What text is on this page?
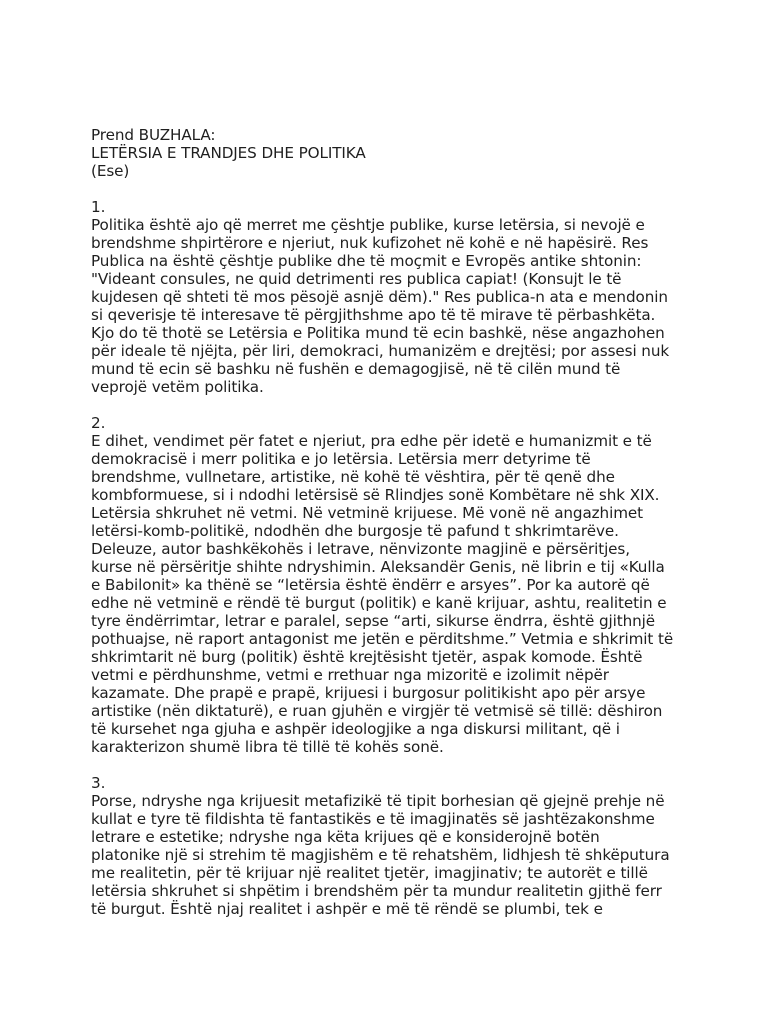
Prend BUZHALA:
LETËRSIA E TRANDJES DHE POLITIKA
(Ese)
1.
Politika është ajo që merret me çështje publike, kurse letërsia, si nevojë e
brendshme shpirtërore e njeriut, nuk kufizohet në kohë e në hapësirë. Res
Publica na është çështje publike dhe të moçmit e Evropës antike shtonin:
"Videant consules, ne quid detrimenti res publica capiat! (Konsujt le të
kujdesen që shteti të mos pësojë asnjë dëm)." Res publica-n ata e mendonin
si qeverisje të interesave të përgjithshme apo të të mirave të përbashkëta.
Kjo do të thotë se Letërsia e Politika mund të ecin bashkë, nëse angazhohen
për ideale të njëjta, për liri, demokraci, humanizëm e drejtësi; por assesi nuk
mund të ecin së bashku në fushën e demagogjisë, në të cilën mund të
veprojë vetëm politika.
2.
E dihet, vendimet për fatet e njeriut, pra edhe për idetë e humanizmit e të
demokracisë i merr politika e jo letërsia. Letërsia merr detyrime të
brendshme, vullnetare, artistike, në kohë të vështira, për të qenë dhe
kombformuese, si i ndodhi letërsisë së Rlindjes sonë Kombëtare në shk XIX.
Letërsia shkruhet në vetmi. Në vetminë krijuese. Më vonë në angazhimet
letërsi-komb-politikë, ndodhën dhe burgosje të pafund t shkrimtarëve.
Deleuze, autor bashkëkohës i letrave, nënvizonte magjinë e përsëritjes,
kurse në përsëritje shihte ndryshimin. Aleksandër Genis, në librin e tij «Kulla
e Babilonit» ka thënë se “letërsia është ëndërr e arsyes”. Por ka autorë që
edhe në vetminë e rëndë të burgut (politik) e kanë krijuar, ashtu, realitetin e
tyre ëndërrimtar, letrar e paralel, sepse “arti, sikurse ëndrra, është gjithnjë
pothuajse, në raport antagonist me jetën e përditshme.” Vetmia e shkrimit të
shkrimtarit në burg (politik) është krejtësisht tjetër, aspak komode. Është
vetmi e përdhunshme, vetmi e rrethuar nga mizoritë e izolimit nëpër
kazamate. Dhe prapë e prapë, krijuesi i burgosur politikisht apo për arsye
artistike (nën diktaturë), e ruan gjuhën e virgjër të vetmisë së tillë: dëshiron
të kursehet nga gjuha e ashpër ideologjike a nga diskursi militant, që i
karakterizon shumë libra të tillë të kohës sonë.
3.
Porse, ndryshe nga krijuesit metafizikë të tipit borhesian që gjejnë prehje në
kullat e tyre të fildishta të fantastikës e të imagjinatës së jashtëzakonshme
letrare e estetike; ndryshe nga këta krijues që e konsiderojnë botën
platonike një si strehim të magjishëm e të rehatshëm, lidhjesh të shkëputura
me realitetin, për të krijuar një realitet tjetër, imagjinativ; te autorët e tillë
letërsia shkruhet si shpëtim i brendshëm për ta mundur realitetin gjithë ferr
të burgut. Është njaj realitet i ashpër e më të rëndë se plumbi, tek e
